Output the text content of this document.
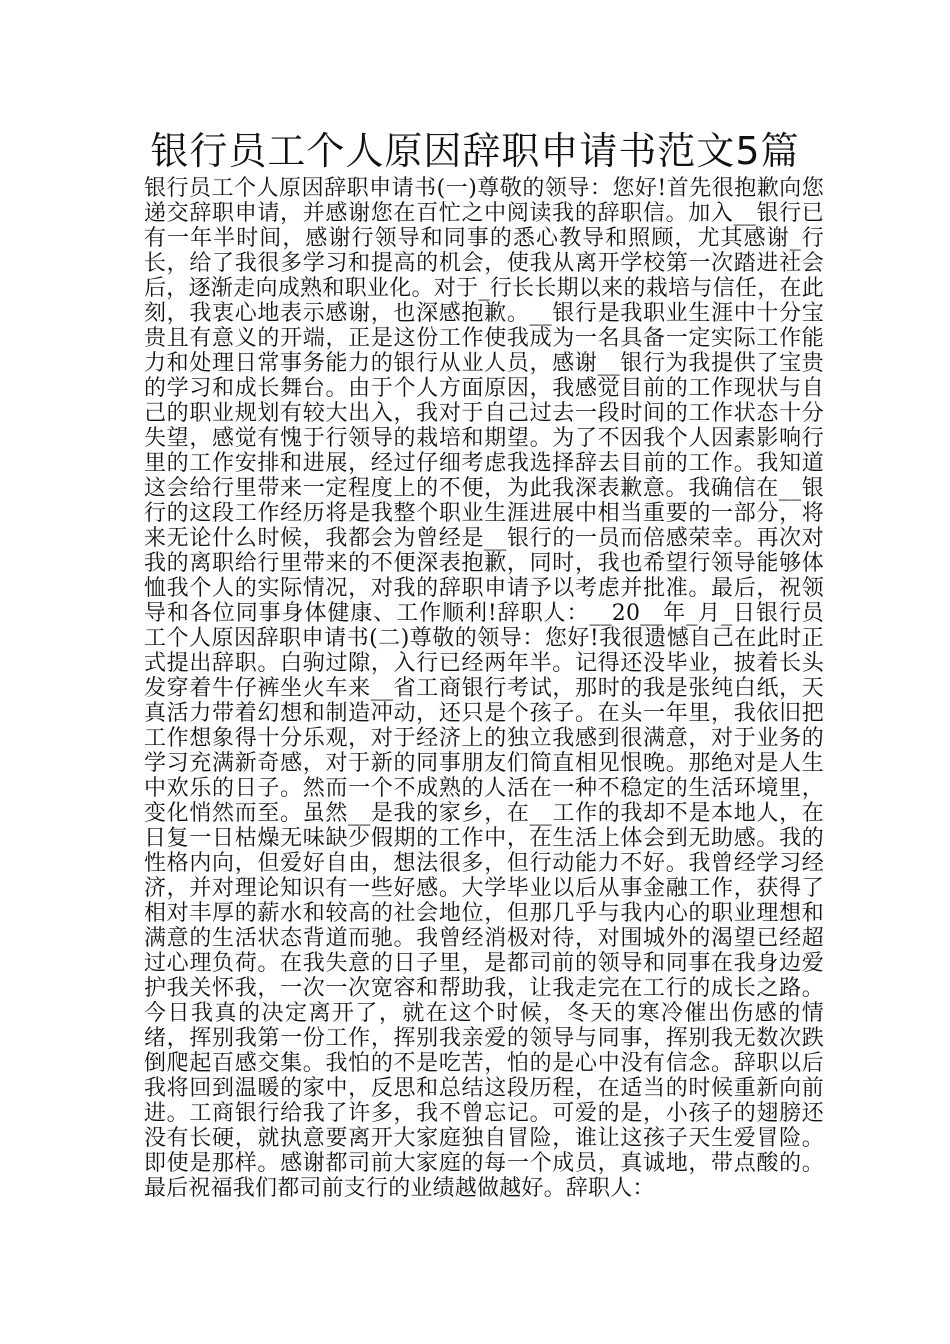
银行员工个人原因辞职申请书范文5篇
银行员工个人原因辞职申请书(一)尊敬的领导：您好!首先很抱歉向您递交辞职申请，并感谢您在百忙之中阅读我的辞职信。加入__银行已有一年半时间，感谢行领导和同事的悉心教导和照顾，尤其感谢_行长，给了我很多学习和提高的机会，使我从离开学校第一次踏进社会后，逐渐走向成熟和职业化。对于_行长长期以来的栽培与信任，在此刻，我衷心地表示感谢，也深感抱歉。__银行是我职业生涯中十分宝贵且有意义的开端，正是这份工作使我成为一名具备一定实际工作能力和处理日常事务能力的银行从业人员，感谢__银行为我提供了宝贵的学习和成长舞台。由于个人方面原因，我感觉目前的工作现状与自己的职业规划有较大出入，我对于自己过去一段时间的工作状态十分失望，感觉有愧于行领导的栽培和期望。为了不因我个人因素影响行里的工作安排和进展，经过仔细考虑我选择辞去目前的工作。我知道这会给行里带来一定程度上的不便，为此我深表歉意。我确信在__银行的这段工作经历将是我整个职业生涯进展中相当重要的一部分，将来无论什么时候，我都会为曾经是__银行的一员而倍感荣幸。再次对我的离职给行里带来的不便深表抱歉，同时，我也希望行领导能够体恤我个人的实际情况，对我的辞职申请予以考虑并批准。最后，祝领导和各位同事身体健康、工作顺利!辞职人：__20__年_月_日银行员工个人原因辞职申请书(二)尊敬的领导：您好!我很遗憾自己在此时正式提出辞职。白驹过隙，入行已经两年半。记得还没毕业，披着长头发穿着牛仔裤坐火车来__省工商银行考试，那时的我是张纯白纸，天真活力带着幻想和制造冲动，还只是个孩子。在头一年里，我依旧把工作想象得十分乐观，对于经济上的独立我感到很满意，对于业务的学习充满新奇感，对于新的同事朋友们简直相见恨晚。那绝对是人生中欢乐的日子。然而一个不成熟的人活在一种不稳定的生活环境里，变化悄然而至。虽然__是我的家乡，在__工作的我却不是本地人，在日复一日枯燥无味缺少假期的工作中，在生活上体会到无助感。我的性格内向，但爱好自由，想法很多，但行动能力不好。我曾经学习经济，并对理论知识有一些好感。大学毕业以后从事金融工作，获得了相对丰厚的薪水和较高的社会地位，但那几乎与我内心的职业理想和满意的生活状态背道而驰。我曾经消极对待，对围城外的渴望已经超过心理负荷。在我失意的日子里，是都司前的领导和同事在我身边爱护我关怀我，一次一次宽容和帮助我，让我走完在工行的成长之路。今日我真的决定离开了，就在这个时候，冬天的寒冷催出伤感的情绪，挥别我第一份工作，挥别我亲爱的领导与同事，挥别我无数次跌倒爬起百感交集。我怕的不是吃苦，怕的是心中没有信念。辞职以后我将回到温暖的家中，反思和总结这段历程，在适当的时候重新向前进。工商银行给我了许多，我不曾忘记。可爱的是，小孩子的翅膀还没有长硬，就执意要离开大家庭独自冒险，谁让这孩子天生爱冒险。即使是那样。感谢都司前大家庭的每一个成员，真诚地，带点酸的。最后祝福我们都司前支行的业绩越做越好。辞职人：
